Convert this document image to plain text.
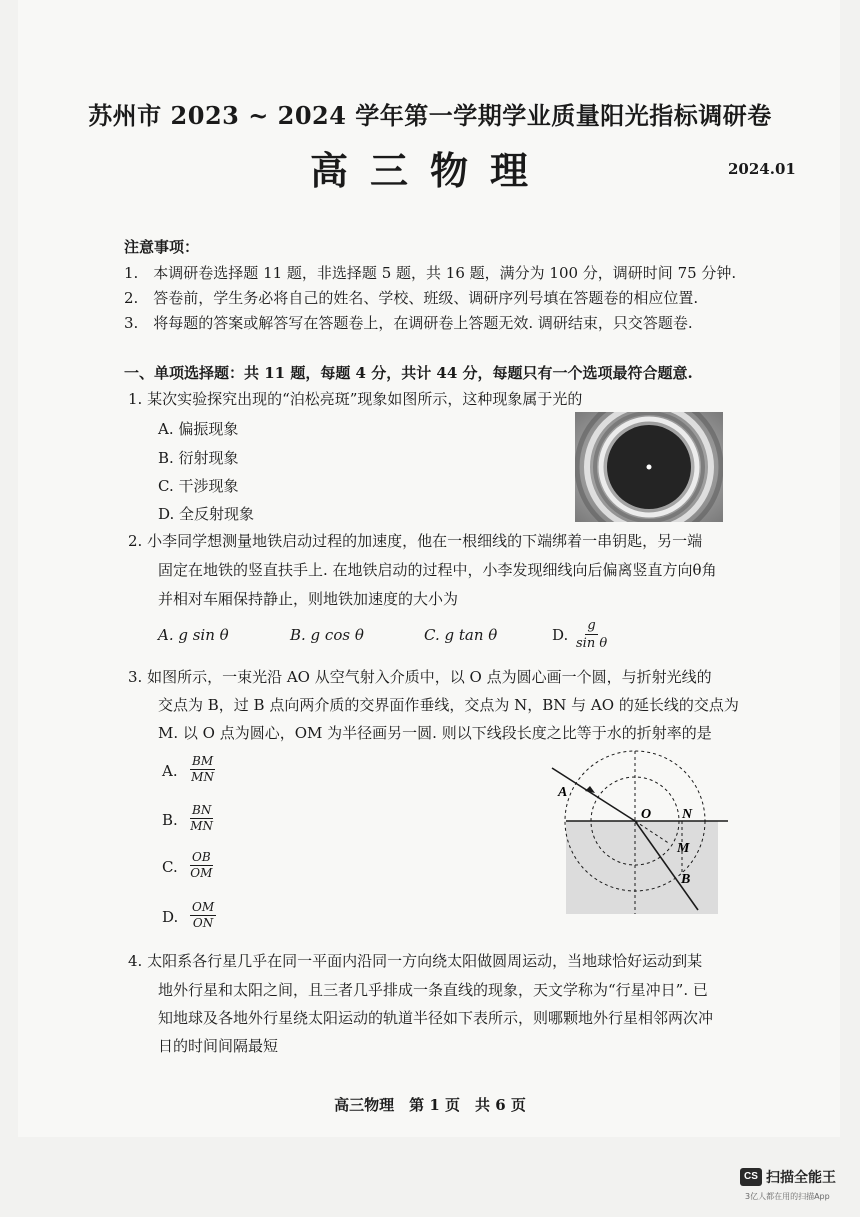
苏州市 2023 ~ 2024 学年第一学期学业质量阳光指标调研卷
高三物理	2024.01
注意事项：
1.　本调研卷选择题 11 题，非选择题 5 题，共 16 题，满分为 100 分，调研时间 75 分钟.
2.　答卷前，学生务必将自己的姓名、学校、班级、调研序列号填在答题卷的相应位置.
3.　将每题的答案或解答写在答题卷上，在调研卷上答题无效. 调研结束，只交答题卷.
一、单项选择题：共 11 题，每题 4 分，共计 44 分，每题只有一个选项最符合题意.
1. 某次实验探究出现的“泊松亮斑”现象如图所示，这种现象属于光的
A. 偏振现象
B. 衍射现象
C. 干涉现象
D. 全反射现象
2. 小李同学想测量地铁启动过程的加速度，他在一根细线的下端绑着一串钥匙，另一端
固定在地铁的竖直扶手上. 在地铁启动的过程中，小李发现细线向后偏离竖直方向θ角
并相对车厢保持静止，则地铁加速度的大小为
A. g sin θ	B. g cos θ	C. g tan θ	D. $\frac{g}{\text{sin θ}}$
3. 如图所示，一束光沿 AO 从空气射入介质中，以 O 点为圆心画一个圆，与折射光线的
交点为 B，过 B 点向两介质的交界面作垂线，交点为 N，BN 与 AO 的延长线的交点为
M. 以 O 点为圆心，OM 为半径画另一圆. 则以下线段长度之比等于水的折射率的是
A. $\frac{BM}{MN}$
B. $\frac{BN}{MN}$
C. $\frac{OB}{OM}$
D. $\frac{OM}{ON}$
A
O N
M
B
4. 太阳系各行星几乎在同一平面内沿同一方向绕太阳做圆周运动，当地球恰好运动到某
地外行星和太阳之间，且三者几乎排成一条直线的现象，天文学称为“行星冲日”. 已
知地球及各地外行星绕太阳运动的轨道半径如下表所示，则哪颗地外行星相邻两次冲
日的时间间隔最短
高三物理　第 1 页　共 6 页
CS 扫描全能王
3亿人都在用的扫描App
